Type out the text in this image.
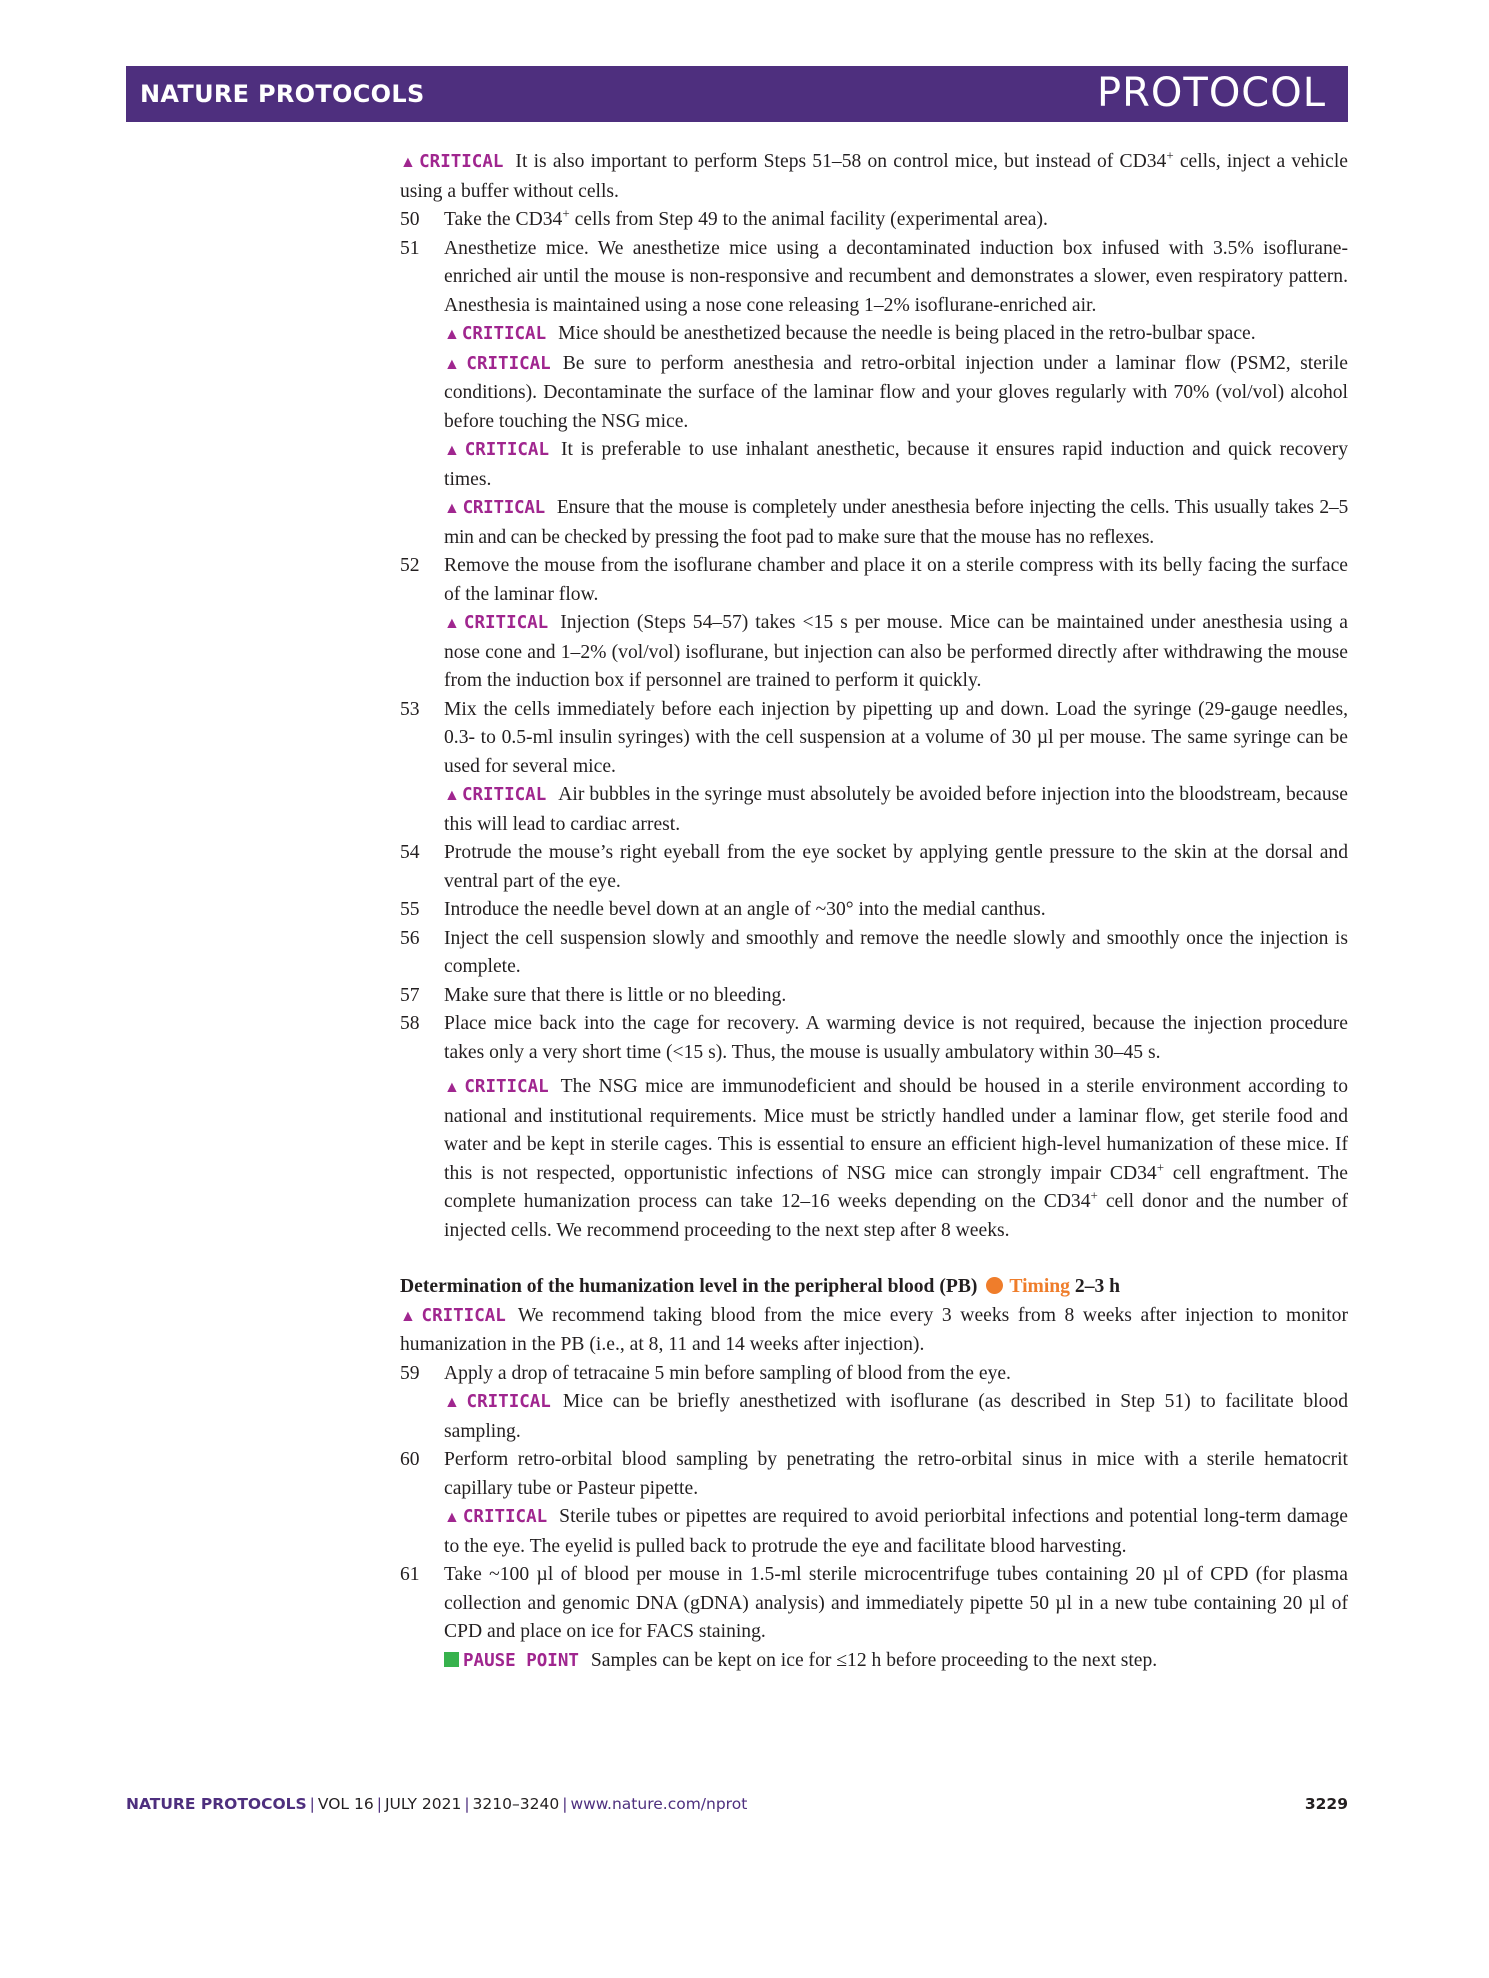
NATURE PROTOCOLS	PROTOCOL

▲ CRITICAL It is also important to perform Steps 51–58 on control mice, but instead of CD34+ cells, inject a vehicle using a buffer without cells.

50 Take the CD34+ cells from Step 49 to the animal facility (experimental area).
51 Anesthetize mice. We anesthetize mice using a decontaminated induction box infused with 3.5% isoflurane-enriched air until the mouse is non-responsive and recumbent and demonstrates a slower, even respiratory pattern. Anesthesia is maintained using a nose cone releasing 1–2% isoflurane-enriched air.
▲ CRITICAL Mice should be anesthetized because the needle is being placed in the retro-bulbar space.
▲ CRITICAL Be sure to perform anesthesia and retro-orbital injection under a laminar flow (PSM2, sterile conditions). Decontaminate the surface of the laminar flow and your gloves regularly with 70% (vol/vol) alcohol before touching the NSG mice.
▲ CRITICAL It is preferable to use inhalant anesthetic, because it ensures rapid induction and quick recovery times.
▲ CRITICAL Ensure that the mouse is completely under anesthesia before injecting the cells. This usually takes 2–5 min and can be checked by pressing the foot pad to make sure that the mouse has no reflexes.
52 Remove the mouse from the isoflurane chamber and place it on a sterile compress with its belly facing the surface of the laminar flow.
▲ CRITICAL Injection (Steps 54–57) takes <15 s per mouse. Mice can be maintained under anesthesia using a nose cone and 1–2% (vol/vol) isoflurane, but injection can also be performed directly after withdrawing the mouse from the induction box if personnel are trained to perform it quickly.
53 Mix the cells immediately before each injection by pipetting up and down. Load the syringe (29-gauge needles, 0.3- to 0.5-ml insulin syringes) with the cell suspension at a volume of 30 µl per mouse. The same syringe can be used for several mice.
▲ CRITICAL Air bubbles in the syringe must absolutely be avoided before injection into the bloodstream, because this will lead to cardiac arrest.
54 Protrude the mouse’s right eyeball from the eye socket by applying gentle pressure to the skin at the dorsal and ventral part of the eye.
55 Introduce the needle bevel down at an angle of ~30° into the medial canthus.
56 Inject the cell suspension slowly and smoothly and remove the needle slowly and smoothly once the injection is complete.
57 Make sure that there is little or no bleeding.
58 Place mice back into the cage for recovery. A warming device is not required, because the injection procedure takes only a very short time (<15 s). Thus, the mouse is usually ambulatory within 30–45 s.
▲ CRITICAL The NSG mice are immunodeficient and should be housed in a sterile environment according to national and institutional requirements. Mice must be strictly handled under a laminar flow, get sterile food and water and be kept in sterile cages. This is essential to ensure an efficient high-level humanization of these mice. If this is not respected, opportunistic infections of NSG mice can strongly impair CD34+ cell engraftment. The complete humanization process can take 12–16 weeks depending on the CD34+ cell donor and the number of injected cells. We recommend proceeding to the next step after 8 weeks.

Determination of the humanization level in the peripheral blood (PB) Timing 2–3 h

▲ CRITICAL We recommend taking blood from the mice every 3 weeks from 8 weeks after injection to monitor humanization in the PB (i.e., at 8, 11 and 14 weeks after injection).

59 Apply a drop of tetracaine 5 min before sampling of blood from the eye.
▲ CRITICAL Mice can be briefly anesthetized with isoflurane (as described in Step 51) to facilitate blood sampling.
60 Perform retro-orbital blood sampling by penetrating the retro-orbital sinus in mice with a sterile hematocrit capillary tube or Pasteur pipette.
▲ CRITICAL Sterile tubes or pipettes are required to avoid periorbital infections and potential long-term damage to the eye. The eyelid is pulled back to protrude the eye and facilitate blood harvesting.
61 Take ~100 µl of blood per mouse in 1.5-ml sterile microcentrifuge tubes containing 20 µl of CPD (for plasma collection and genomic DNA (gDNA) analysis) and immediately pipette 50 µl in a new tube containing 20 µl of CPD and place on ice for FACS staining.
PAUSE POINT Samples can be kept on ice for ≤12 h before proceeding to the next step.
NATURE PROTOCOLS | VOL 16 | JULY 2021 | 3210–3240 | www.nature.com/nprot	3229
